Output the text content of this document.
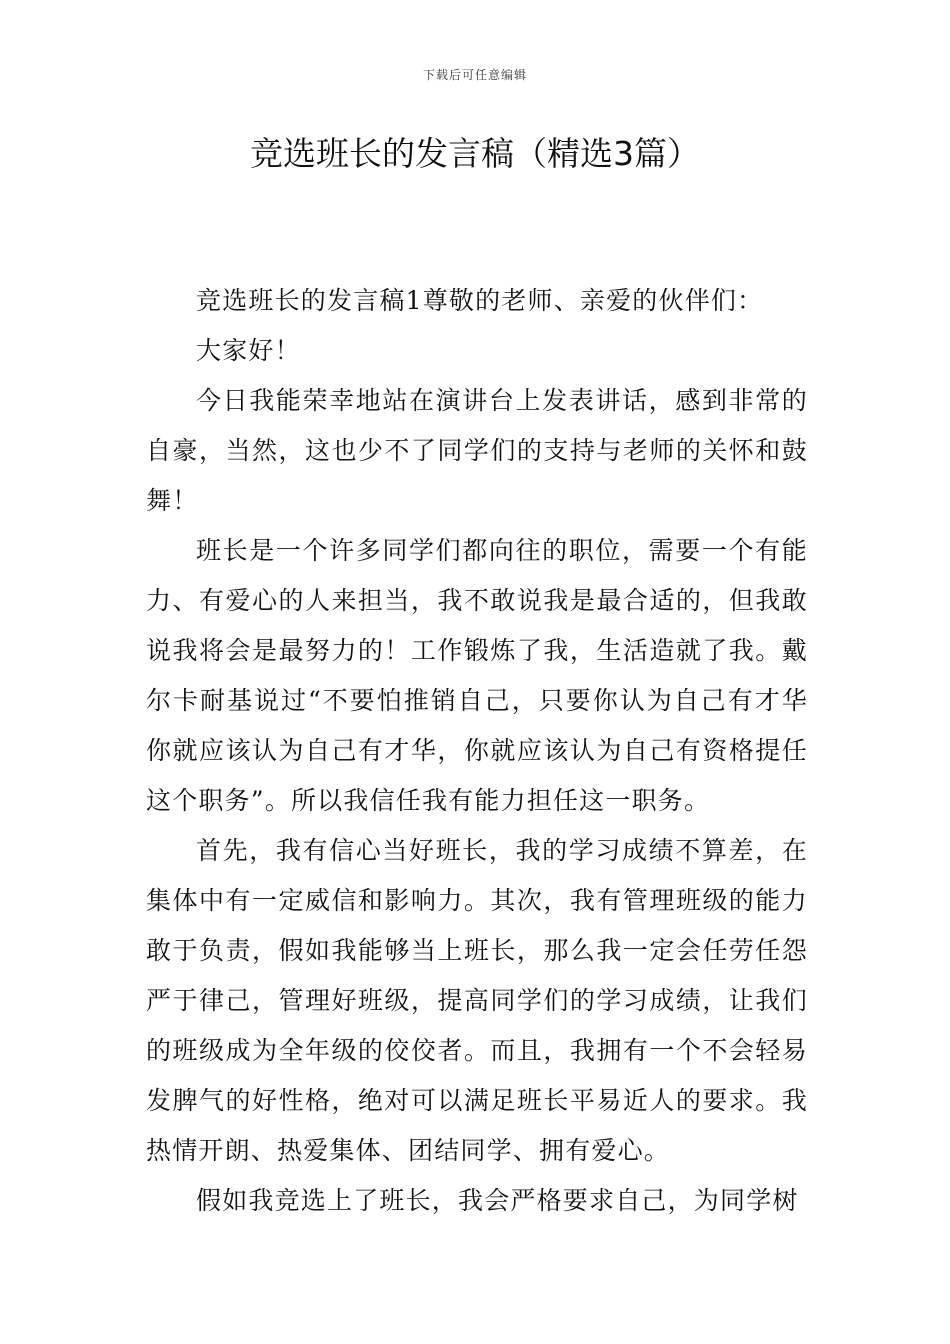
下载后可任意编辑
竞选班长的发言稿（精选3篇）

竞选班长的发言稿1尊敬的老师、亲爱的伙伴们：

大家好！

今日我能荣幸地站在演讲台上发表讲话，感到非常的自豪，当然，这也少不了同学们的支持与老师的关怀和鼓舞！

班长是一个许多同学们都向往的职位，需要一个有能力、有爱心的人来担当，我不敢说我是最合适的，但我敢说我将会是最努力的！工作锻炼了我，生活造就了我。戴尔卡耐基说过“不要怕推销自己，只要你认为自己有才华你就应该认为自己有才华，你就应该认为自己有资格提任这个职务”。所以我信任我有能力担任这一职务。

首先，我有信心当好班长，我的学习成绩不算差，在集体中有一定威信和影响力。其次，我有管理班级的能力敢于负责，假如我能够当上班长，那么我一定会任劳任怨严于律己，管理好班级，提高同学们的学习成绩，让我们的班级成为全年级的佼佼者。而且，我拥有一个不会轻易发脾气的好性格，绝对可以满足班长平易近人的要求。我热情开朗、热爱集体、团结同学、拥有爱心。

假如我竞选上了班长，我会严格要求自己，为同学树
